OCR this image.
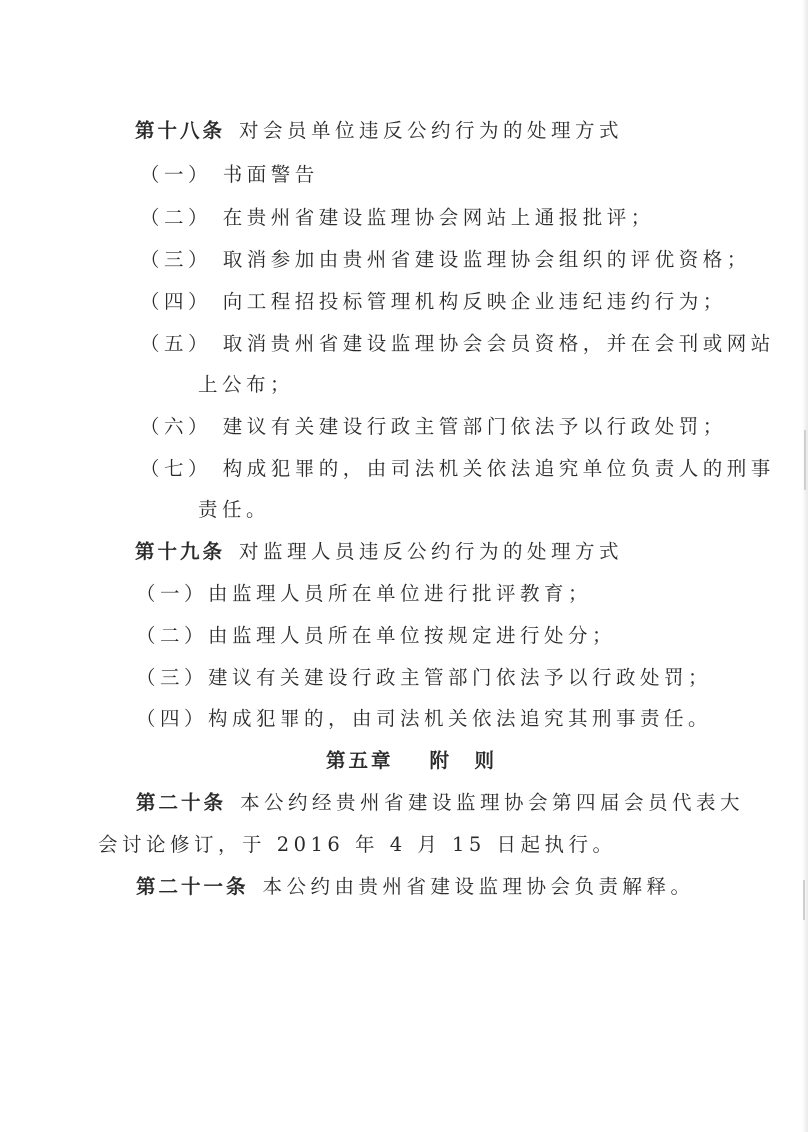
第十八条 对会员单位违反公约行为的处理方式
（一） 书面警告
（二） 在贵州省建设监理协会网站上通报批评；
（三） 取消参加由贵州省建设监理协会组织的评优资格；
（四） 向工程招投标管理机构反映企业违纪违约行为；
（五） 取消贵州省建设监理协会会员资格，并在会刊或网站
上公布；
（六） 建议有关建设行政主管部门依法予以行政处罚；
（七） 构成犯罪的，由司法机关依法追究单位负责人的刑事
责任。
第十九条 对监理人员违反公约行为的处理方式
（一）由监理人员所在单位进行批评教育；
（二）由监理人员所在单位按规定进行处分；
（三）建议有关建设行政主管部门依法予以行政处罚；
（四）构成犯罪的，由司法机关依法追究其刑事责任。
第五章 附　则
第二十条 本公约经贵州省建设监理协会第四届会员代表大
会讨论修订，于 2016 年 4 月 15 日起执行。
第二十一条 本公约由贵州省建设监理协会负责解释。
